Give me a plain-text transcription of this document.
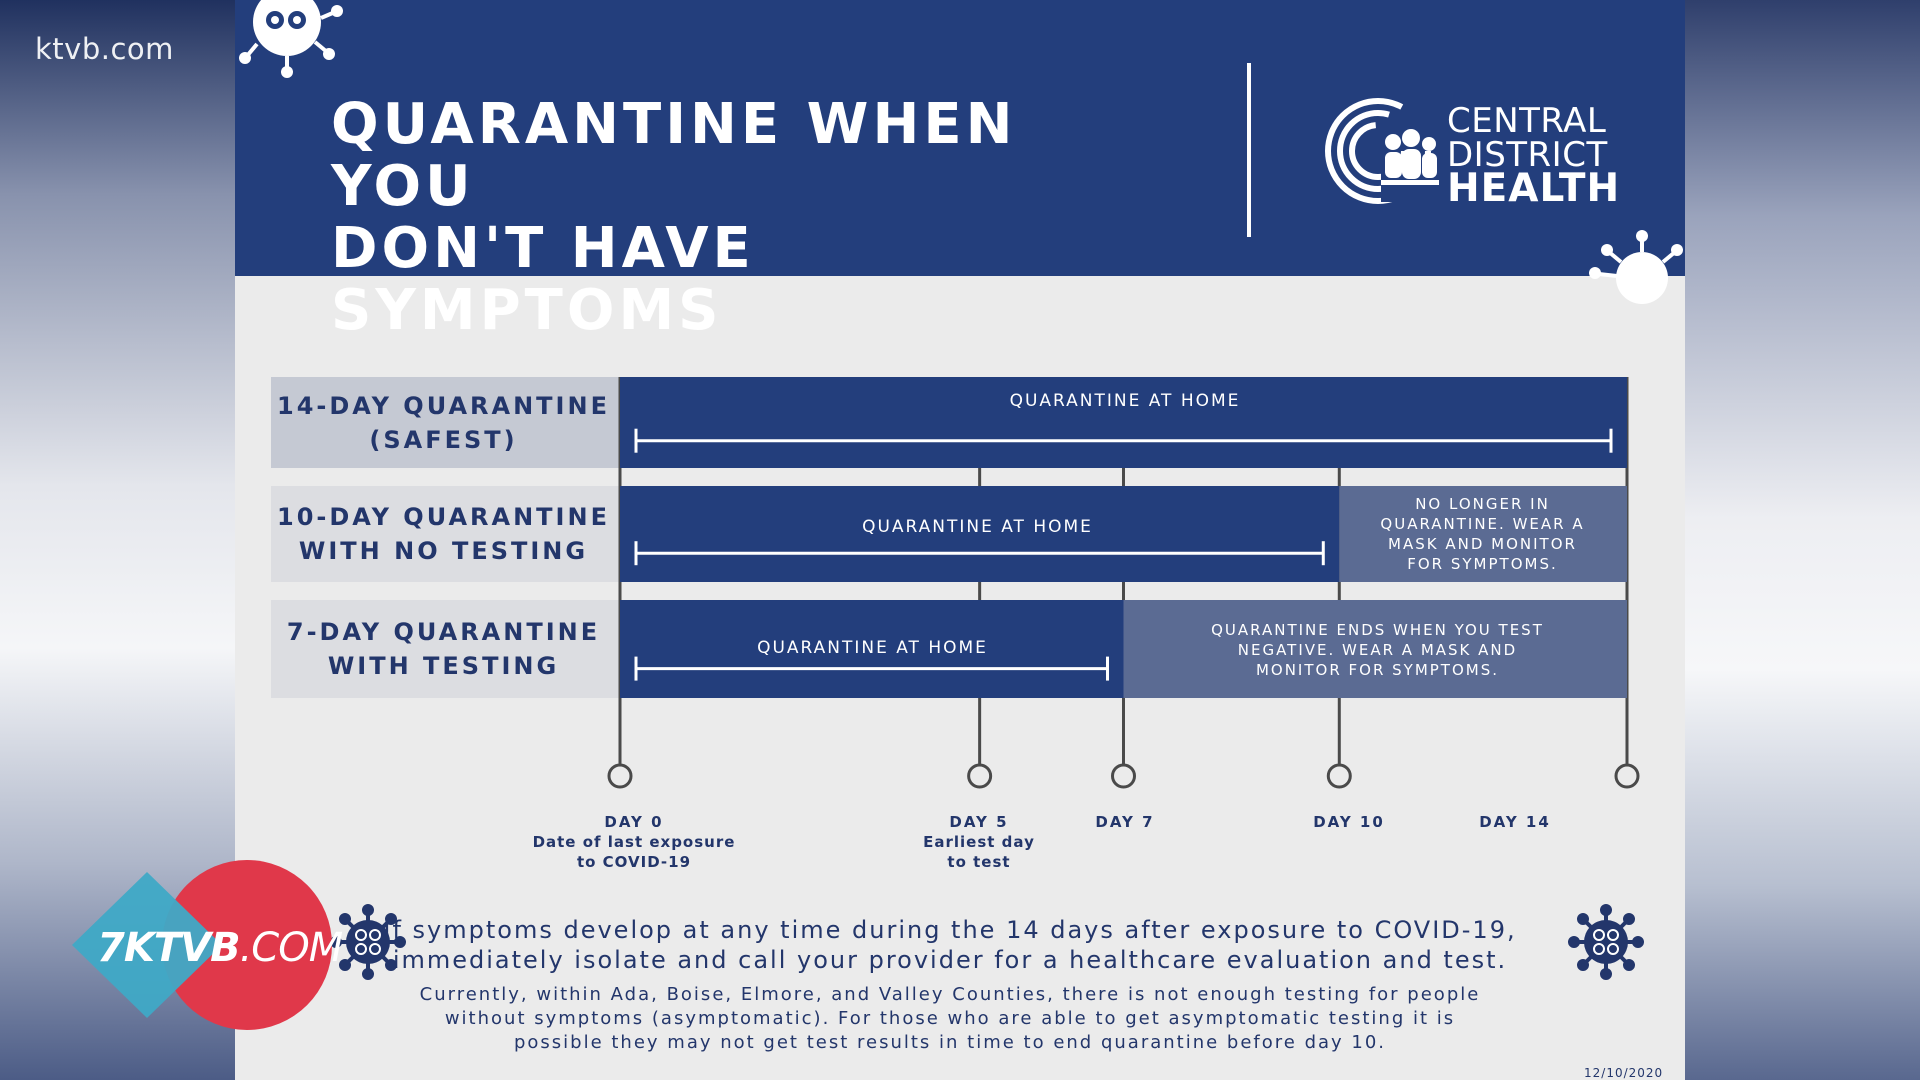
ktvb.com
QUARANTINE WHEN YOU
DON'T HAVE SYMPTOMS
CENTRAL
DISTRICT
HEALTH
14-DAY QUARANTINE
(SAFEST)
10-DAY QUARANTINE
WITH NO TESTING
7-DAY QUARANTINE
WITH TESTING
QUARANTINE AT HOME
QUARANTINE AT HOME
QUARANTINE AT HOME
NO LONGER IN
QUARANTINE. WEAR A
MASK AND MONITOR
FOR SYMPTOMS.
QUARANTINE ENDS WHEN YOU TEST
NEGATIVE. WEAR A MASK AND
MONITOR FOR SYMPTOMS.
DAY 0
Date of last exposure
to COVID-19
DAY 5
Earliest day
to test
DAY 7	DAY 10	DAY 14
If symptoms develop at any time during the 14 days after exposure to COVID-19,
immediately isolate and call your provider for a healthcare evaluation and test.
Currently, within Ada, Boise, Elmore, and Valley Counties, there is not enough testing for people
without symptoms (asymptomatic). For those who are able to get asymptomatic testing it is
possible they may not get test results in time to end quarantine before day 10.
12/10/2020
7KTVB.COM
